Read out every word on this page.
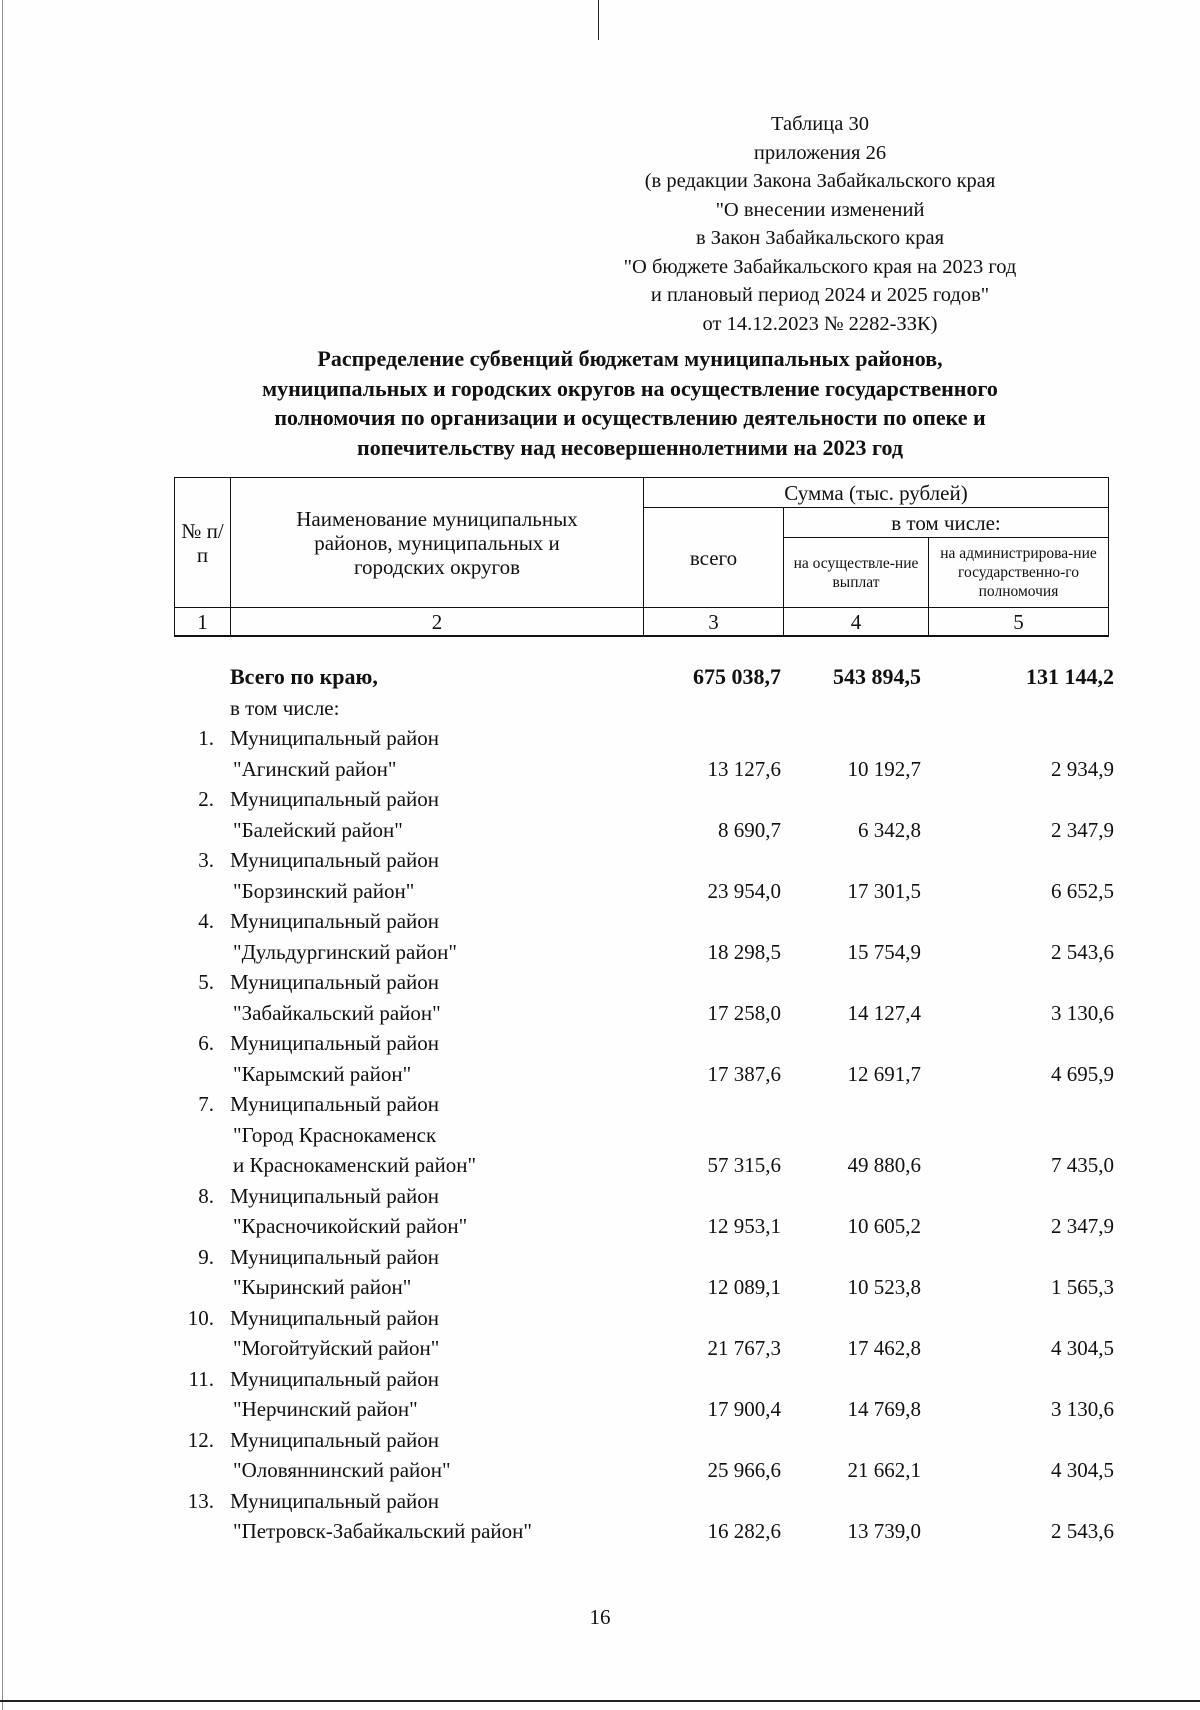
Таблица 30
приложения 26
(в редакции Закона Забайкальского края
"О внесении изменений
в Закон Забайкальского края
"О бюджете Забайкальского края на 2023 год
и плановый период 2024 и 2025 годов"
от 14.12.2023 № 2282-ЗЗК)
Распределение субвенций бюджетам муниципальных районов,
муниципальных и городских округов на осуществление государственного
полномочия по организации и осуществлению деятельности по опеке и
попечительству над несовершеннолетними на 2023 год
№ п/п	Наименование муниципальных районов, муниципальных и городских округов	Сумма (тыс. рублей)		
		всего	в том числе:	
			на осуществле-ние выплат	на администрирова-ние государственно-го полномочия
1	2	3	4	5
Всего по краю,	675 038,7	543 894,5	131 144,2
в том числе:
1. Муниципальный район
"Агинский район"	13 127,6	10 192,7	2 934,9
2. Муниципальный район
"Балейский район"	8 690,7	6 342,8	2 347,9
3. Муниципальный район
"Борзинский район"	23 954,0	17 301,5	6 652,5
4. Муниципальный район
"Дульдургинский район"	18 298,5	15 754,9	2 543,6
5. Муниципальный район
"Забайкальский район"	17 258,0	14 127,4	3 130,6
6. Муниципальный район
"Карымский район"	17 387,6	12 691,7	4 695,9
7. Муниципальный район
"Город Краснокаменск
и Краснокаменский район"	57 315,6	49 880,6	7 435,0
8. Муниципальный район
"Красночикойский район"	12 953,1	10 605,2	2 347,9
9. Муниципальный район
"Кыринский район"	12 089,1	10 523,8	1 565,3
10. Муниципальный район
"Могойтуйский район"	21 767,3	17 462,8	4 304,5
11. Муниципальный район
"Нерчинский район"	17 900,4	14 769,8	3 130,6
12. Муниципальный район
"Оловяннинский район"	25 966,6	21 662,1	4 304,5
13. Муниципальный район
"Петровск-Забайкальский район"	16 282,6	13 739,0	2 543,6
16
